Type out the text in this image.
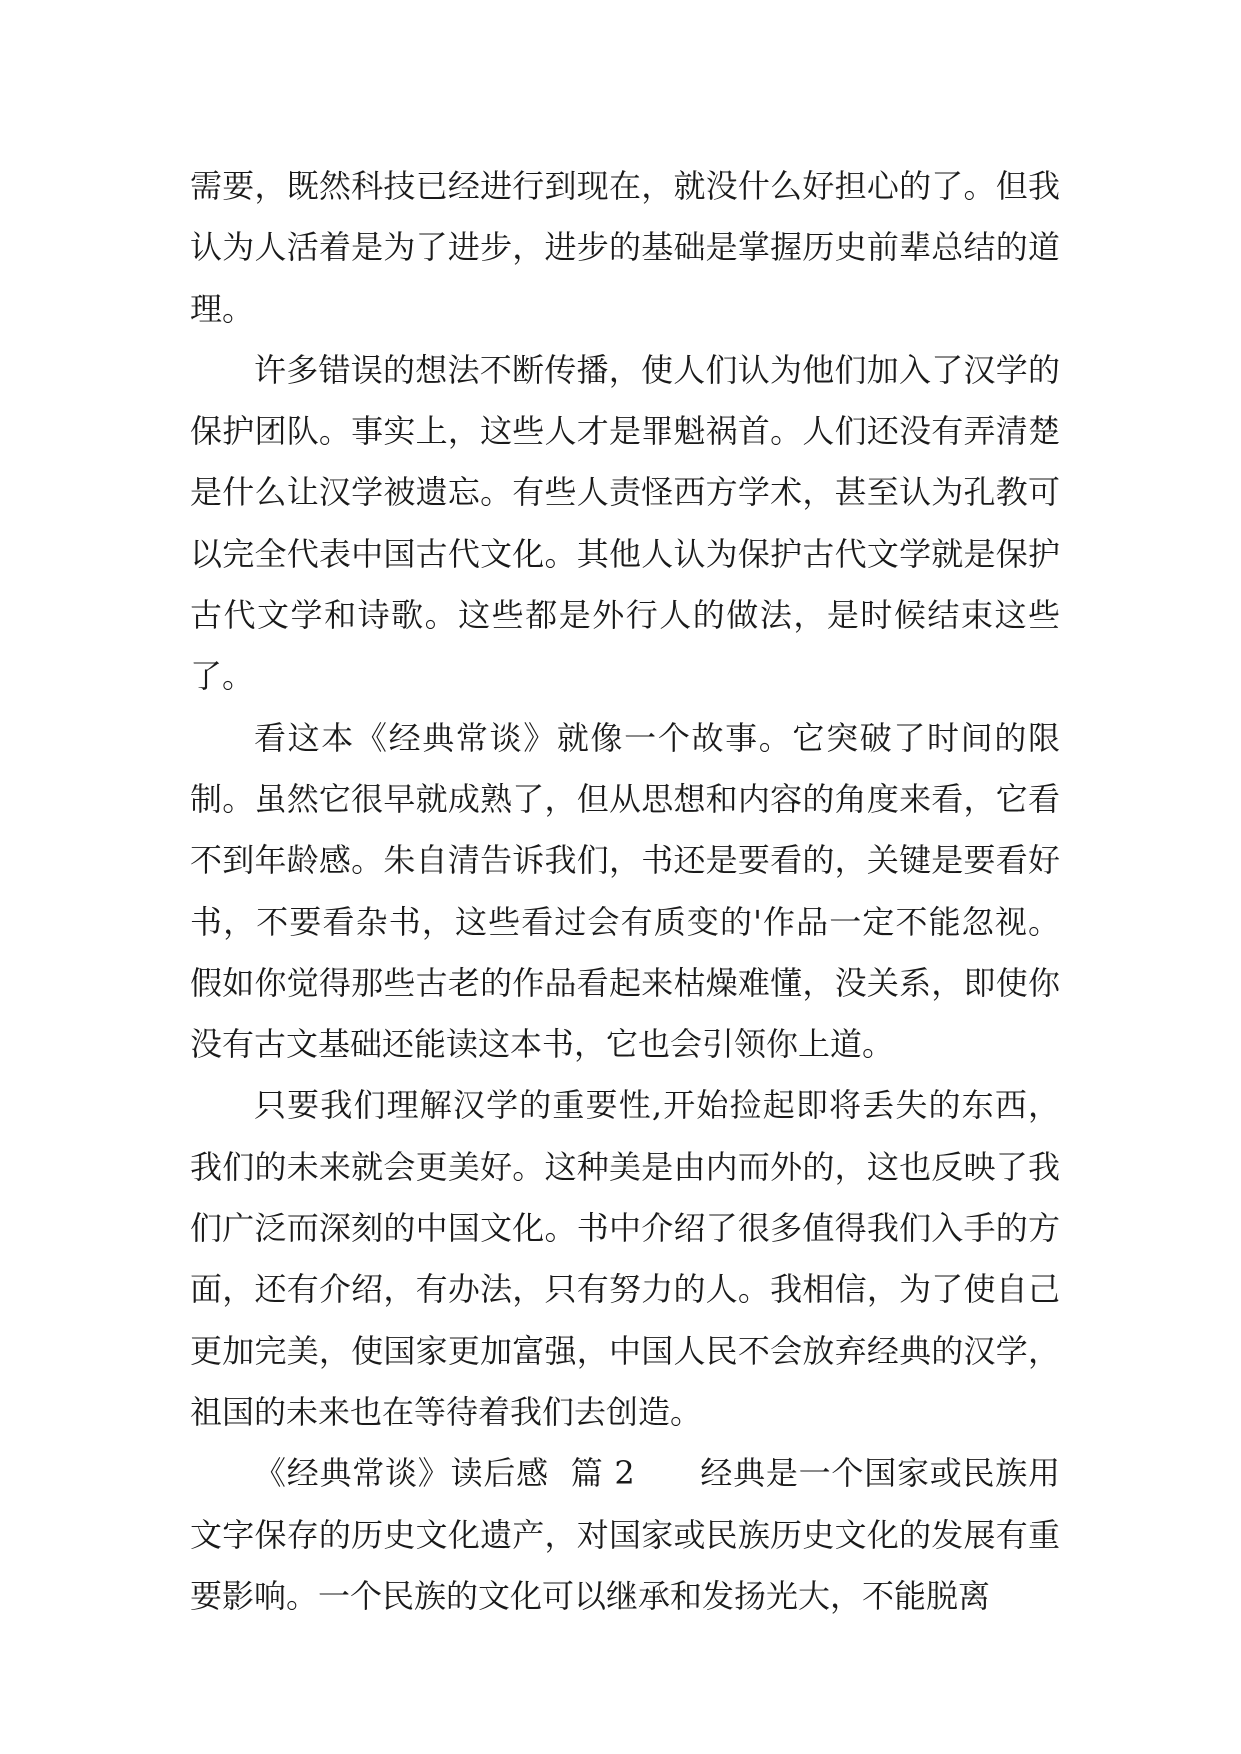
需要，既然科技已经进行到现在，就没什么好担心的了。但我认为人活着是为了进步，进步的基础是掌握历史前辈总结的道理。

许多错误的想法不断传播，使人们认为他们加入了汉学的保护团队。事实上，这些人才是罪魁祸首。人们还没有弄清楚是什么让汉学被遗忘。有些人责怪西方学术，甚至认为孔教可以完全代表中国古代文化。其他人认为保护古代文学就是保护古代文学和诗歌。这些都是外行人的做法，是时候结束这些了。

看这本《经典常谈》就像一个故事。它突破了时间的限制。虽然它很早就成熟了，但从思想和内容的角度来看，它看不到年龄感。朱自清告诉我们，书还是要看的，关键是要看好书，不要看杂书，这些看过会有质变的'作品一定不能忽视。假如你觉得那些古老的作品看起来枯燥难懂，没关系，即使你没有古文基础还能读这本书，它也会引领你上道。

只要我们理解汉学的重要性,开始捡起即将丢失的东西，我们的未来就会更美好。这种美是由内而外的，这也反映了我们广泛而深刻的中国文化。书中介绍了很多值得我们入手的方面，还有介绍，有办法，只有努力的人。我相信，为了使自己更加完美，使国家更加富强，中国人民不会放弃经典的汉学，祖国的未来也在等待着我们去创造。

《经典常谈》读后感  篇 2 经典是一个国家或民族用文字保存的历史文化遗产，对国家或民族历史文化的发展有重要影响。一个民族的文化可以继承和发扬光大，不能脱离
